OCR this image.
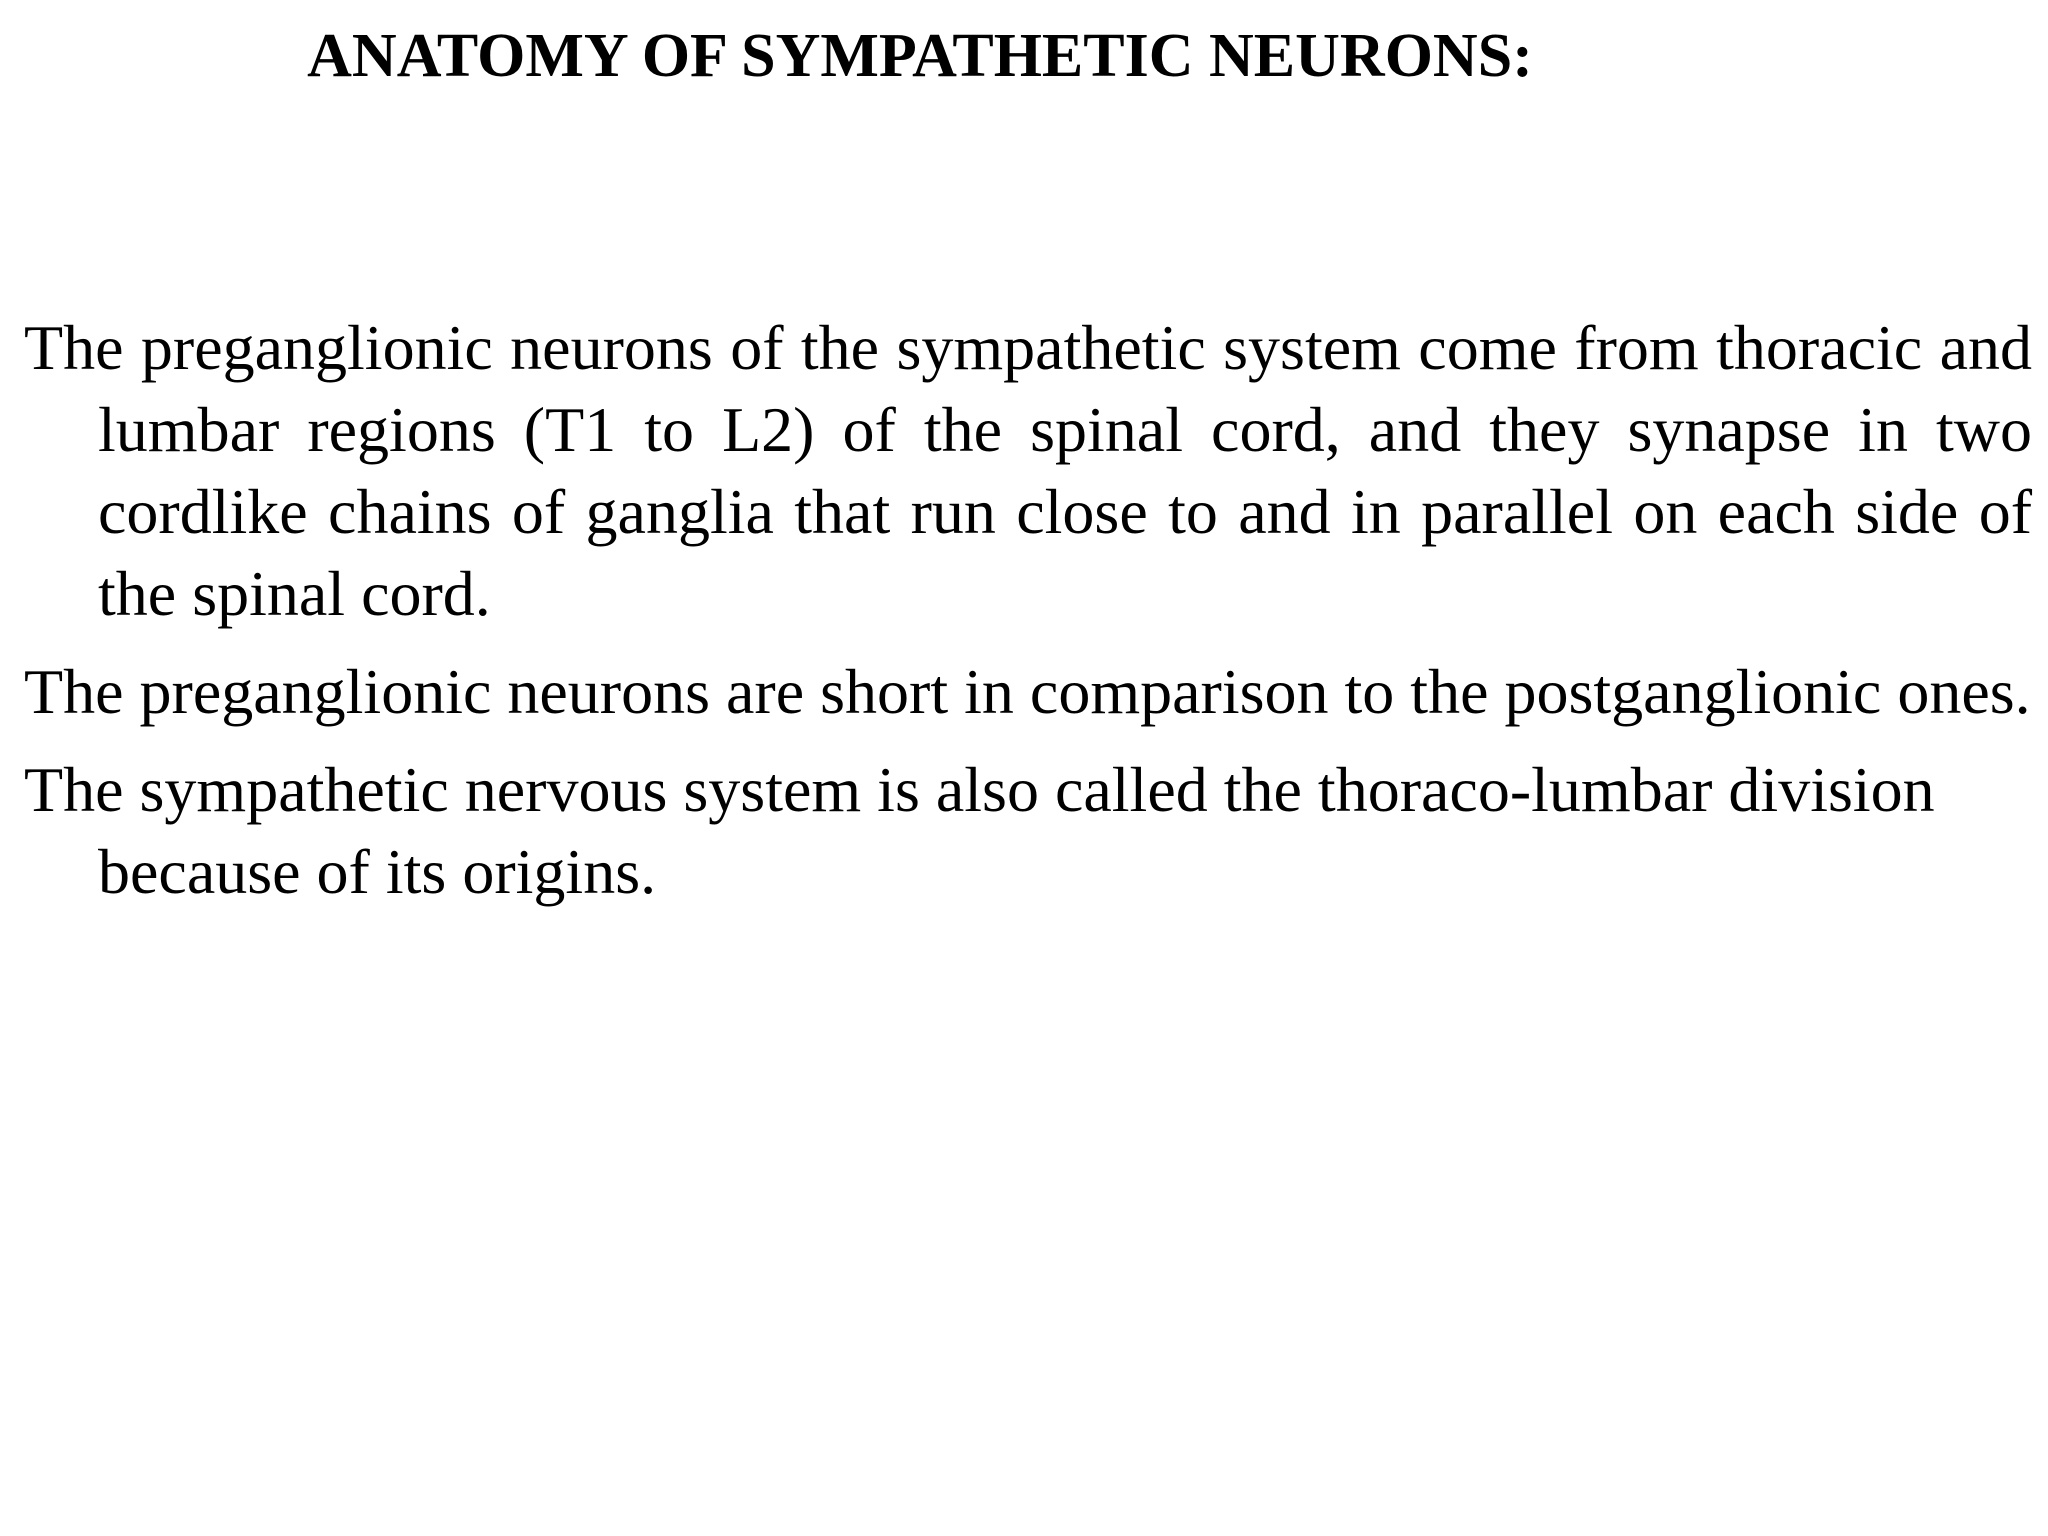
ANATOMY OF SYMPATHETIC NEURONS:

The preganglionic neurons of the sympathetic system come from thoracic and lumbar regions (T1 to L2) of the spinal cord, and they synapse in two cordlike chains of ganglia that run close to and in parallel on each side of the spinal cord.

The preganglionic neurons are short in comparison to the postganglionic ones.

The sympathetic nervous system is also called the thoraco-lumbar division because of its origins.
